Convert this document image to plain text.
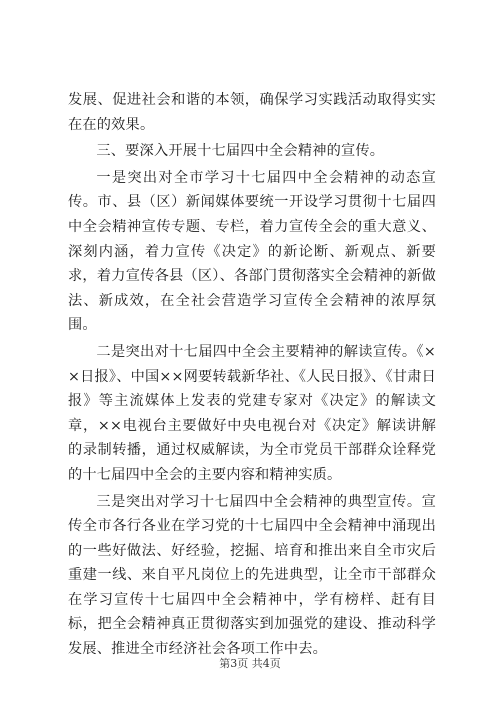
发展、促进社会和谐的本领，确保学习实践活动取得实实在在的效果。

三、要深入开展十七届四中全会精神的宣传。

一是突出对全市学习十七届四中全会精神的动态宣传。市、县（区）新闻媒体要统一开设学习贯彻十七届四中全会精神宣传专题、专栏，着力宣传全会的重大意义、深刻内涵，着力宣传《决定》的新论断、新观点、新要求，着力宣传各县（区）、各部门贯彻落实全会精神的新做法、新成效，在全社会营造学习宣传全会精神的浓厚氛围。

二是突出对十七届四中全会主要精神的解读宣传。《××日报》、中国××网要转载新华社、《人民日报》、《甘肃日报》等主流媒体上发表的党建专家对《决定》的解读文章，××电视台主要做好中央电视台对《决定》解读讲解的录制转播，通过权威解读，为全市党员干部群众诠释党的十七届四中全会的主要内容和精神实质。

三是突出对学习十七届四中全会精神的典型宣传。宣传全市各行各业在学习党的十七届四中全会精神中涌现出的一些好做法、好经验，挖掘、培育和推出来自全市灾后重建一线、来自平凡岗位上的先进典型，让全市干部群众在学习宣传十七届四中全会精神中，学有榜样、赶有目标，把全会精神真正贯彻落实到加强党的建设、推动科学发展、推进全市经济社会各项工作中去。

第3页 共4页
